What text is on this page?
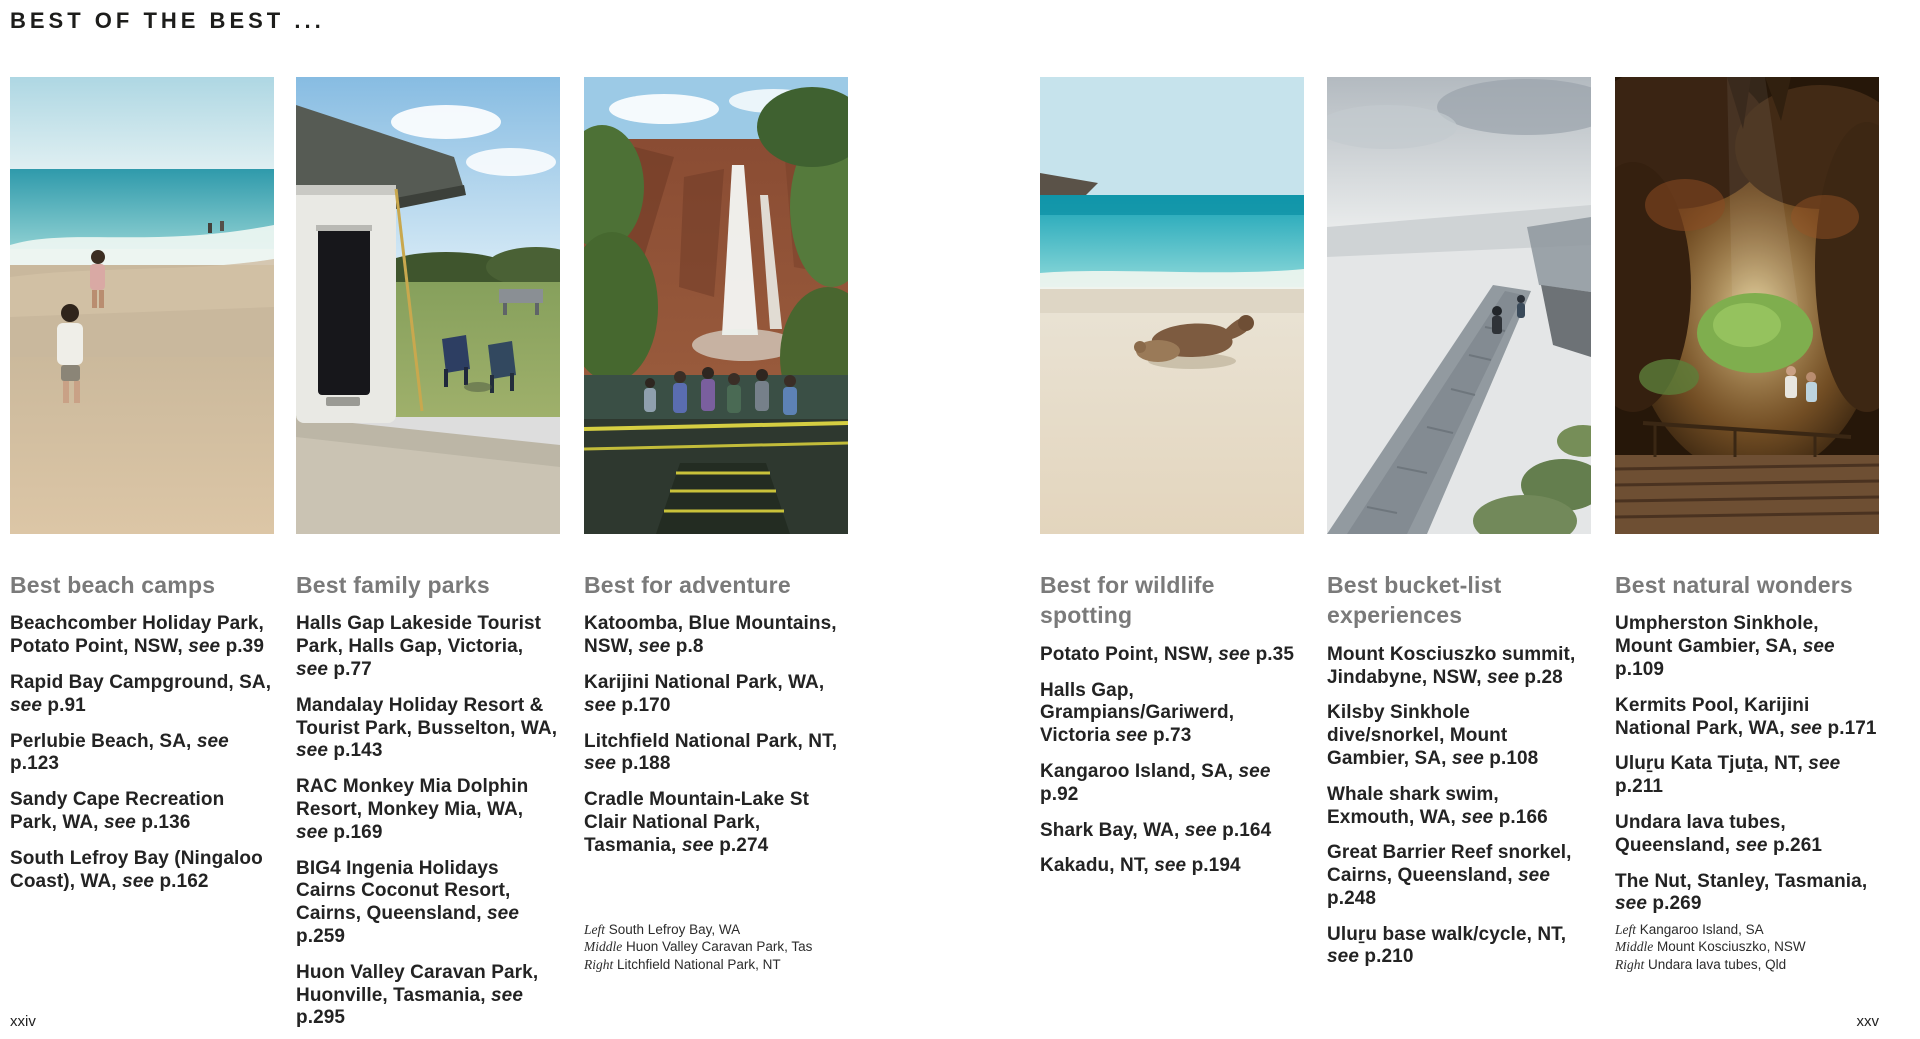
BEST OF THE BEST ...
Best beach camps

Beachcomber Holiday Park, Potato Point, NSW, see p.39

Rapid Bay Campground, SA, see p.91

Perlubie Beach, SA, see p.123

Sandy Cape Recreation Park, WA, see p.136

South Lefroy Bay (Ningaloo Coast), WA, see p.162

Best family parks

Halls Gap Lakeside Tourist Park, Halls Gap, Victoria, see p.77

Mandalay Holiday Resort & Tourist Park, Busselton, WA, see p.143

RAC Monkey Mia Dolphin Resort, Monkey Mia, WA, see p.169

BIG4 Ingenia Holidays Cairns Coconut Resort, Cairns, Queensland, see p.259

Huon Valley Caravan Park, Huonville, Tasmania, see p.295

Best for adventure

Katoomba, Blue Mountains, NSW, see p.8

Karijini National Park, WA, see p.170

Litchfield National Park, NT, see p.188

Cradle Mountain-Lake St Clair National Park, Tasmania, see p.274

Best for wildlife spotting

Potato Point, NSW, see p.35

Halls Gap, Grampians/Gariwerd, Victoria see p.73

Kangaroo Island, SA, see p.92

Shark Bay, WA, see p.164

Kakadu, NT, see p.194

Best bucket-list experiences

Mount Kosciuszko summit, Jindabyne, NSW, see p.28

Kilsby Sinkhole dive/snorkel, Mount Gambier, SA, see p.108

Whale shark swim, Exmouth, WA, see p.166

Great Barrier Reef snorkel, Cairns, Queensland, see p.248

Uluṟu base walk/cycle, NT, see p.210

Best natural wonders

Umpherston Sinkhole, Mount Gambier, SA, see p.109

Kermits Pool, Karijini National Park, WA, see p.171

Uluṟu Kata Tjuṯa, NT, see p.211

Undara lava tubes, Queensland, see p.261

The Nut, Stanley, Tasmania, see p.269

Left South Lefroy Bay, WA

Middle Huon Valley Caravan Park, Tas

Right Litchfield National Park, NT

Left Kangaroo Island, SA

Middle Mount Kosciuszko, NSW

Right Undara lava tubes, Qld

xxiv	xxv
